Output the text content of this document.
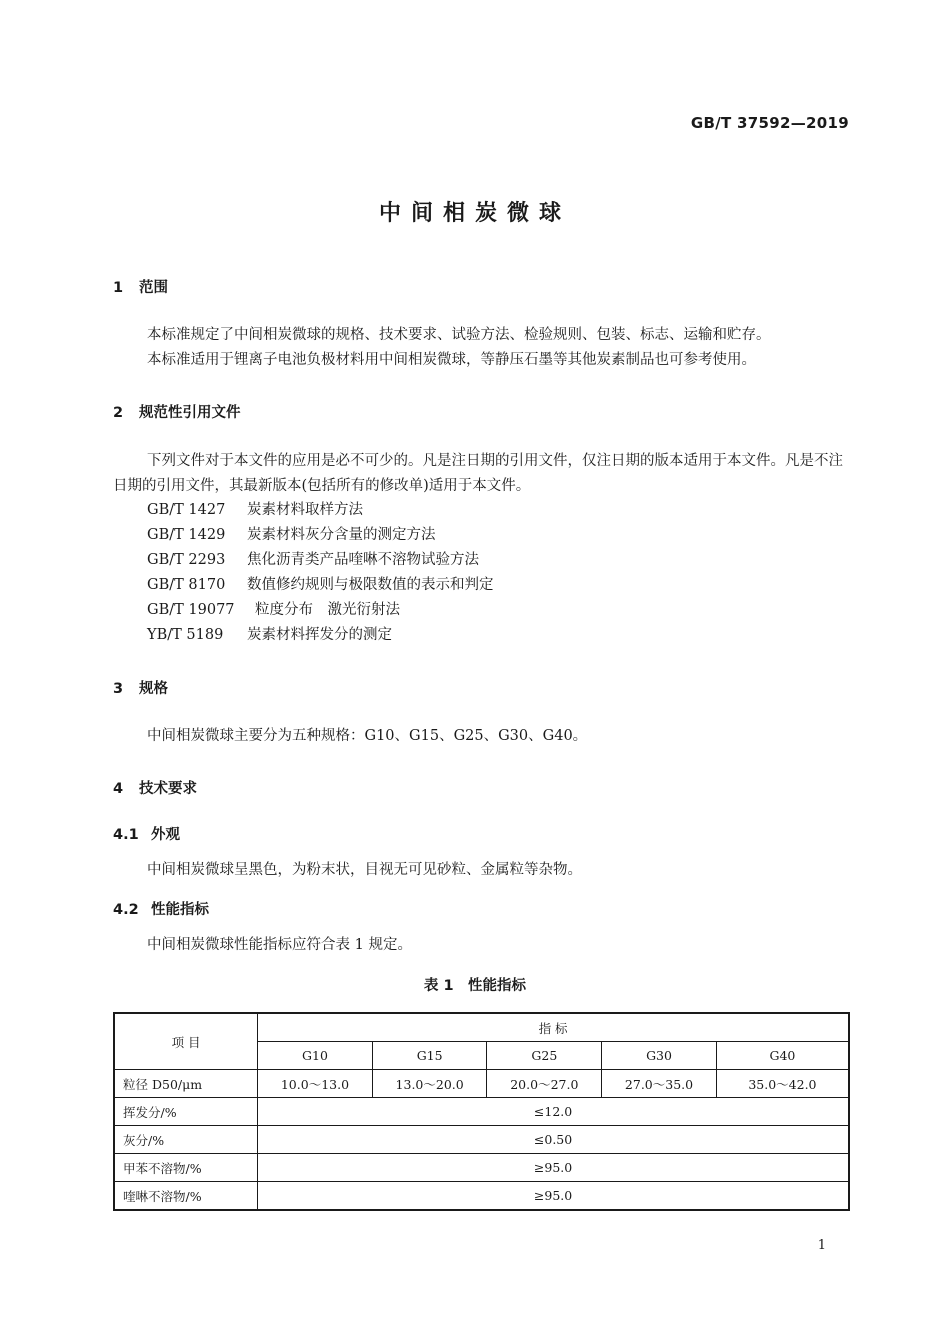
GB/T 37592—2019
中间相炭微球
1 范围
本标准规定了中间相炭微球的规格、技术要求、试验方法、检验规则、包装、标志、运输和贮存。
本标准适用于锂离子电池负极材料用中间相炭微球，等静压石墨等其他炭素制品也可参考使用。
2 规范性引用文件
下列文件对于本文件的应用是必不可少的。凡是注日期的引用文件，仅注日期的版本适用于本文件。凡是不注日期的引用文件，其最新版本(包括所有的修改单)适用于本文件。
GB/T 1427 炭素材料取样方法
GB/T 1429 炭素材料灰分含量的测定方法
GB/T 2293 焦化沥青类产品喹啉不溶物试验方法
GB/T 8170 数值修约规则与极限数值的表示和判定
GB/T 19077 粒度分布　激光衍射法
YB/T 5189 炭素材料挥发分的测定
3 规格
中间相炭微球主要分为五种规格：G10、G15、G25、G30、G40。
4 技术要求
4.1 外观
中间相炭微球呈黑色，为粉末状，目视无可见砂粒、金属粒等杂物。
4.2 性能指标
中间相炭微球性能指标应符合表 1 规定。
表 1　性能指标
项 目	指 标				
	G10	G15	G25	G30	G40
粒径 D50/μm	10.0～13.0	13.0～20.0	20.0～27.0	27.0～35.0	35.0～42.0
挥发分/%	≤12.0				
灰分/%	≤0.50				
甲苯不溶物/%	≥95.0				
喹啉不溶物/%	≥95.0				
1
